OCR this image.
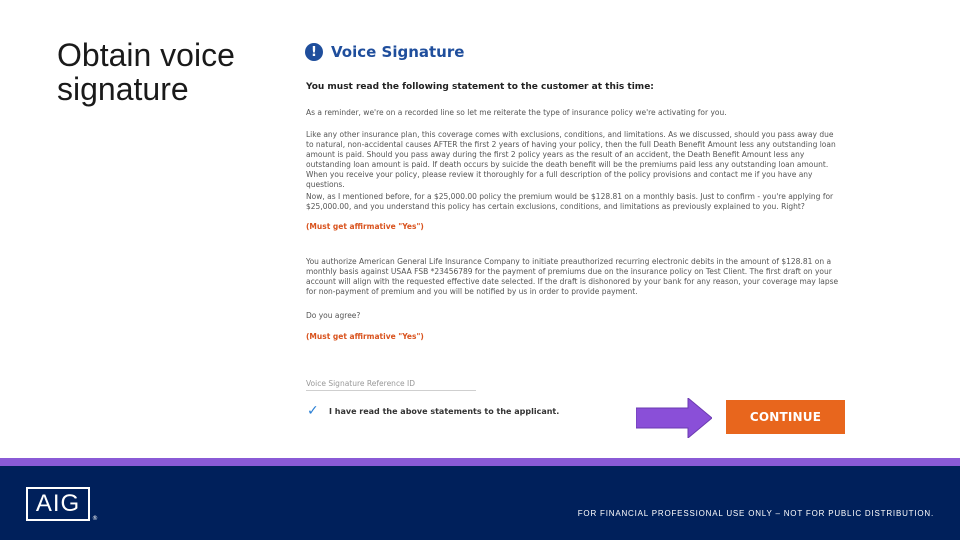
Obtain voice signature
! Voice Signature
You must read the following statement to the customer at this time:
As a reminder, we're on a recorded line so let me reiterate the type of insurance policy we're activating for you.
Like any other insurance plan, this coverage comes with exclusions, conditions, and limitations. As we discussed, should you pass away due to natural, non-accidental causes AFTER the first 2 years of having your policy, then the full Death Benefit Amount less any outstanding loan amount is paid. Should you pass away during the first 2 policy years as the result of an accident, the Death Benefit Amount less any outstanding loan amount is paid. If death occurs by suicide the death benefit will be the premiums paid less any outstanding loan amount. When you receive your policy, please review it thoroughly for a full description of the policy provisions and contact me if you have any questions.
Now, as I mentioned before, for a $25,000.00 policy the premium would be $128.81 on a monthly basis. Just to confirm - you're applying for $25,000.00, and you understand this policy has certain exclusions, conditions, and limitations as previously explained to you. Right?
(Must get affirmative "Yes")
You authorize American General Life Insurance Company to initiate preauthorized recurring electronic debits in the amount of $128.81 on a monthly basis against USAA FSB *23456789 for the payment of premiums due on the insurance policy on Test Client. The first draft on your account will align with the requested effective date selected. If the draft is dishonored by your bank for any reason, your coverage may lapse for non-payment of premium and you will be notified by us in order to provide payment.
Do you agree?
(Must get affirmative "Yes")
Voice Signature Reference ID
✓ I have read the above statements to the applicant.	CONTINUE
AIG
®
FOR FINANCIAL PROFESSIONAL USE ONLY – NOT FOR PUBLIC DISTRIBUTION.
